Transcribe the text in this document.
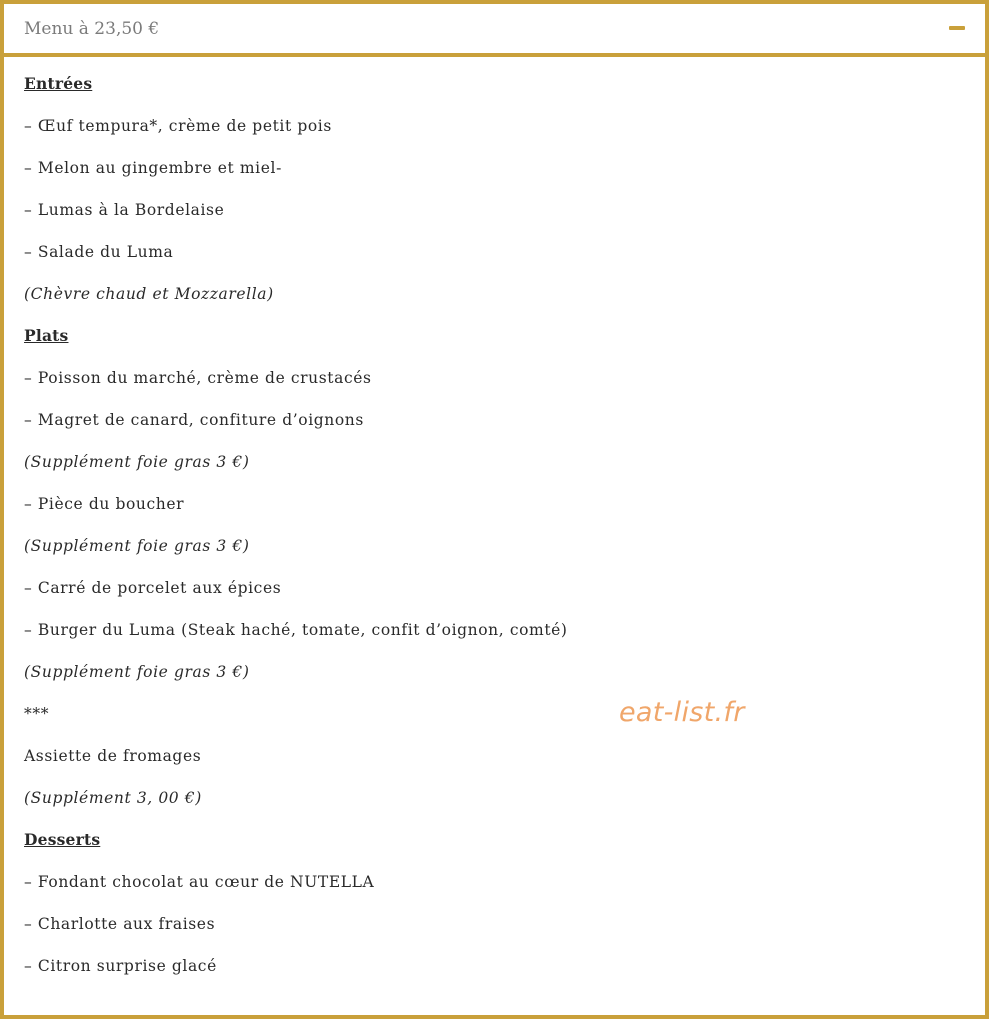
Menu à 23,50 €
Entrées
– Œuf tempura*, crème de petit pois
– Melon au gingembre et miel-
– Lumas à la Bordelaise
– Salade du Luma
(Chèvre chaud et Mozzarella)
Plats
– Poisson du marché, crème de crustacés
– Magret de canard, confiture d’oignons
(Supplément foie gras 3 €)
– Pièce du boucher
(Supplément foie gras 3 €)
– Carré de porcelet aux épices
– Burger du Luma (Steak haché, tomate, confit d’oignon, comté)
(Supplément foie gras 3 €)
***
Assiette de fromages
(Supplément 3, 00 €)
Desserts
– Fondant chocolat au cœur de NUTELLA
– Charlotte aux fraises
– Citron surprise glacé
eat-list.fr
